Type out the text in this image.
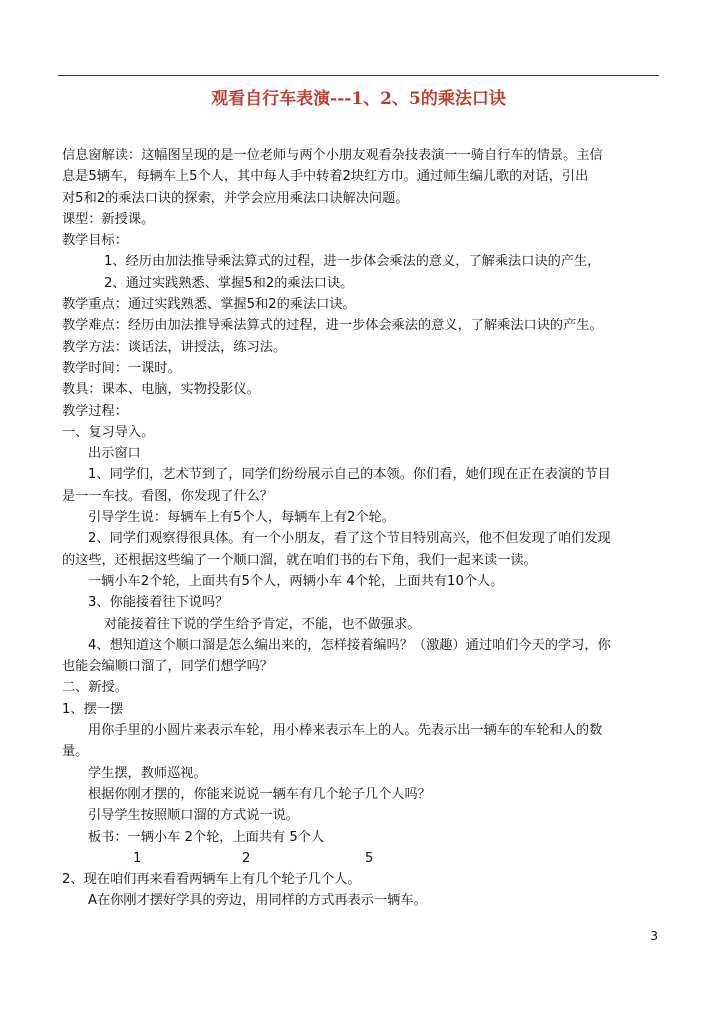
观看自行车表演---1、2、5的乘法口诀

信息窗解读：这幅图呈现的是一位老师与两个小朋友观看杂技表演一一骑自行车的情景。主信

息是5辆车，每辆车上5个人，其中每人手中转着2块红方巾。通过师生编儿歌的对话，引出

对5和2的乘法口诀的探索，并学会应用乘法口诀解决问题。

课型：新授课。

教学目标：

1、经历由加法推导乘法算式的过程，进一步体会乘法的意义，了解乘法口诀的产生，

2、通过实践熟悉、掌握5和2的乘法口诀。

教学重点：通过实践熟悉、掌握5和2的乘法口诀。

教学难点：经历由加法推导乘法算式的过程，进一步体会乘法的意义，了解乘法口诀的产生。

教学方法：谈话法，讲授法，练习法。

教学时间：一课时。

教具：课本、电脑，实物投影仪。

教学过程：

一、复习导入。

出示窗口

1、同学们，艺术节到了，同学们纷纷展示自己的本领。你们看，她们现在正在表演的节目

是一一车技。看图，你发现了什么？

引导学生说：每辆车上有5个人，每辆车上有2个轮。

2、同学们观察得很具体。有一个小朋友，看了这个节目特别高兴，他不但发现了咱们发现

的这些，还根据这些编了一个顺口溜，就在咱们书的右下角，我们一起来读一读。

一辆小车2个轮，上面共有5个人，两辆小车 4个轮，上面共有10个人。

3、你能接着往下说吗？

对能接着往下说的学生给予肯定，不能，也不做强求。

4、想知道这个顺口溜是怎么编出来的，怎样接着编吗？（激趣）通过咱们今天的学习，你

也能会编顺口溜了，同学们想学吗？

二、新授。

1、摆一摆

用你手里的小圆片来表示车轮，用小棒来表示车上的人。先表示出一辆车的车轮和人的数

量。

学生摆，教师巡视。

根据你刚才摆的，你能来说说一辆车有几个轮子几个人吗？

引导学生按照顺口溜的方式说一说。

板书：一辆小车 2个轮，上面共有 5个人

1	2	5

2、现在咱们再来看看两辆车上有几个轮子几个人。

A在你刚才摆好学具的旁边，用同样的方式再表示一辆车。

3
